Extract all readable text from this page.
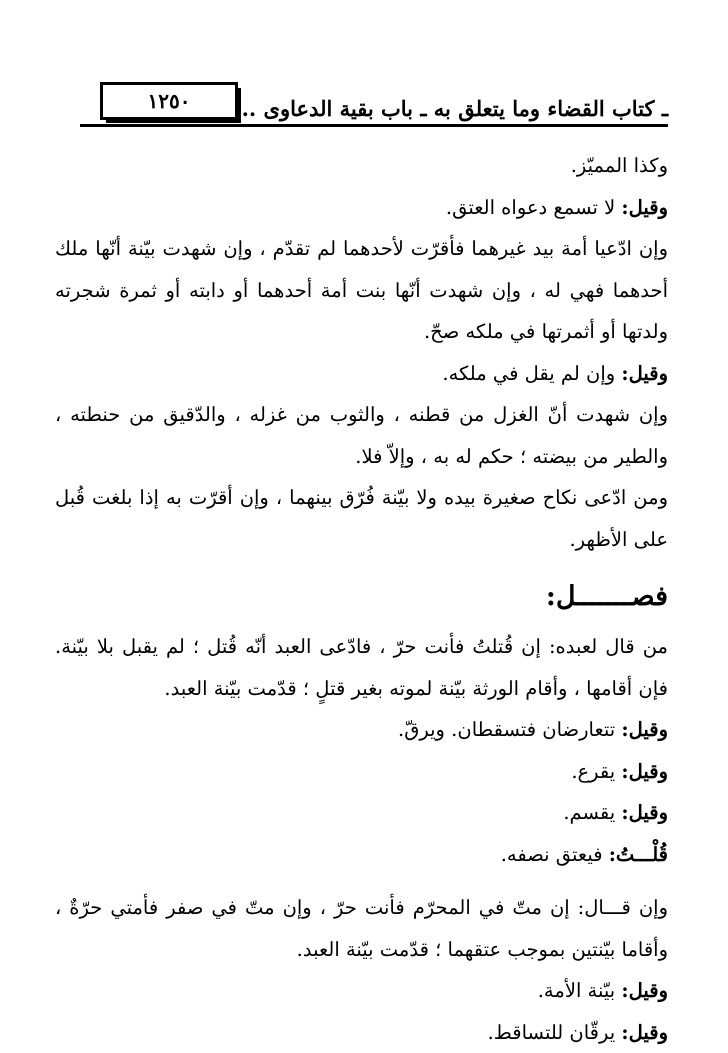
١٢٥٠	ـ كتاب القضاء وما يتعلق به ـ باب بقية الدعاوى ...

وكذا المميّز.

وقيل: لا تسمع دعواه العتق.

وإن ادّعيا أمة بيد غيرهما فأقرّت لأحدهما لم تقدّم ، وإن شهدت بيّنة أنّها ملك أحدهما فهي له ، وإن شهدت أنّها بنت أمة أحدهما أو دابته أو ثمرة شجرته ولدتها أو أثمرتها في ملكه صحّ.

وقيل: وإن لم يقل في ملكه.

وإن شهدت أنّ الغزل من قطنه ، والثوب من غزله ، والدّقيق من حنطته ، والطير من بيضته ؛ حكم له به ، وإلاّ فلا.

ومن ادّعى نكاح صغيرة بيده ولا بيّنة فُرّق بينهما ، وإن أقرّت به إذا بلغت قُبل على الأظهر.

فصـــــــل:

من قال لعبده: إن قُتلتُ فأنت حرّ ، فادّعى العبد أنّه قُتل ؛ لم يقبل بلا بيّنة. فإن أقامها ، وأقام الورثة بيّنة لموته بغير قتلٍ ؛ قدّمت بيّنة العبد.

وقيل: تتعارضان فتسقطان. ويرقّ.

وقيل: يقرع.

وقيل: يقسم.

قُلْـــتُ: فيعتق نصفه.

وإن قـــال: إن متّ في المحرّم فأنت حرّ ، وإن متّ في صفر فأمتي حرّةٌ ، وأقاما بيّنتين بموجب عتقهما ؛ قدّمت بيّنة العبد.

وقيل: بيّنة الأمة.

وقيل: يرقّان للتساقط.
